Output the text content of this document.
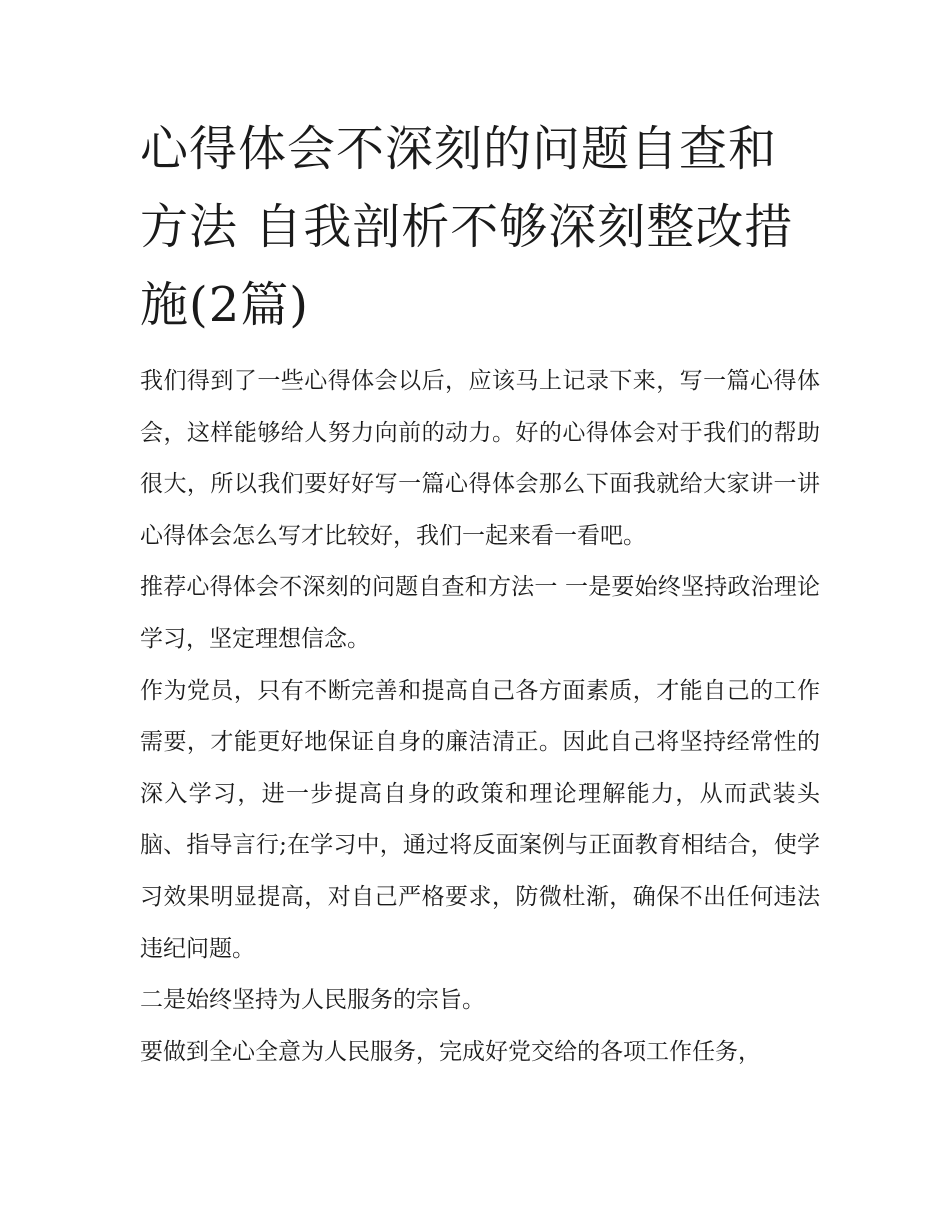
心得体会不深刻的问题自查和方法 自我剖析不够深刻整改措施(2篇)

我们得到了一些心得体会以后，应该马上记录下来，写一篇心得体会，这样能够给人努力向前的动力。好的心得体会对于我们的帮助很大，所以我们要好好写一篇心得体会那么下面我就给大家讲一讲心得体会怎么写才比较好，我们一起来看一看吧。

推荐心得体会不深刻的问题自查和方法一 一是要始终坚持政治理论学习，坚定理想信念。

作为党员，只有不断完善和提高自己各方面素质，才能自己的工作需要，才能更好地保证自身的廉洁清正。因此自己将坚持经常性的深入学习，进一步提高自身的政策和理论理解能力，从而武装头脑、指导言行;在学习中，通过将反面案例与正面教育相结合，使学习效果明显提高，对自己严格要求，防微杜渐，确保不出任何违法违纪问题。

二是始终坚持为人民服务的宗旨。

要做到全心全意为人民服务，完成好党交给的各项工作任务，
